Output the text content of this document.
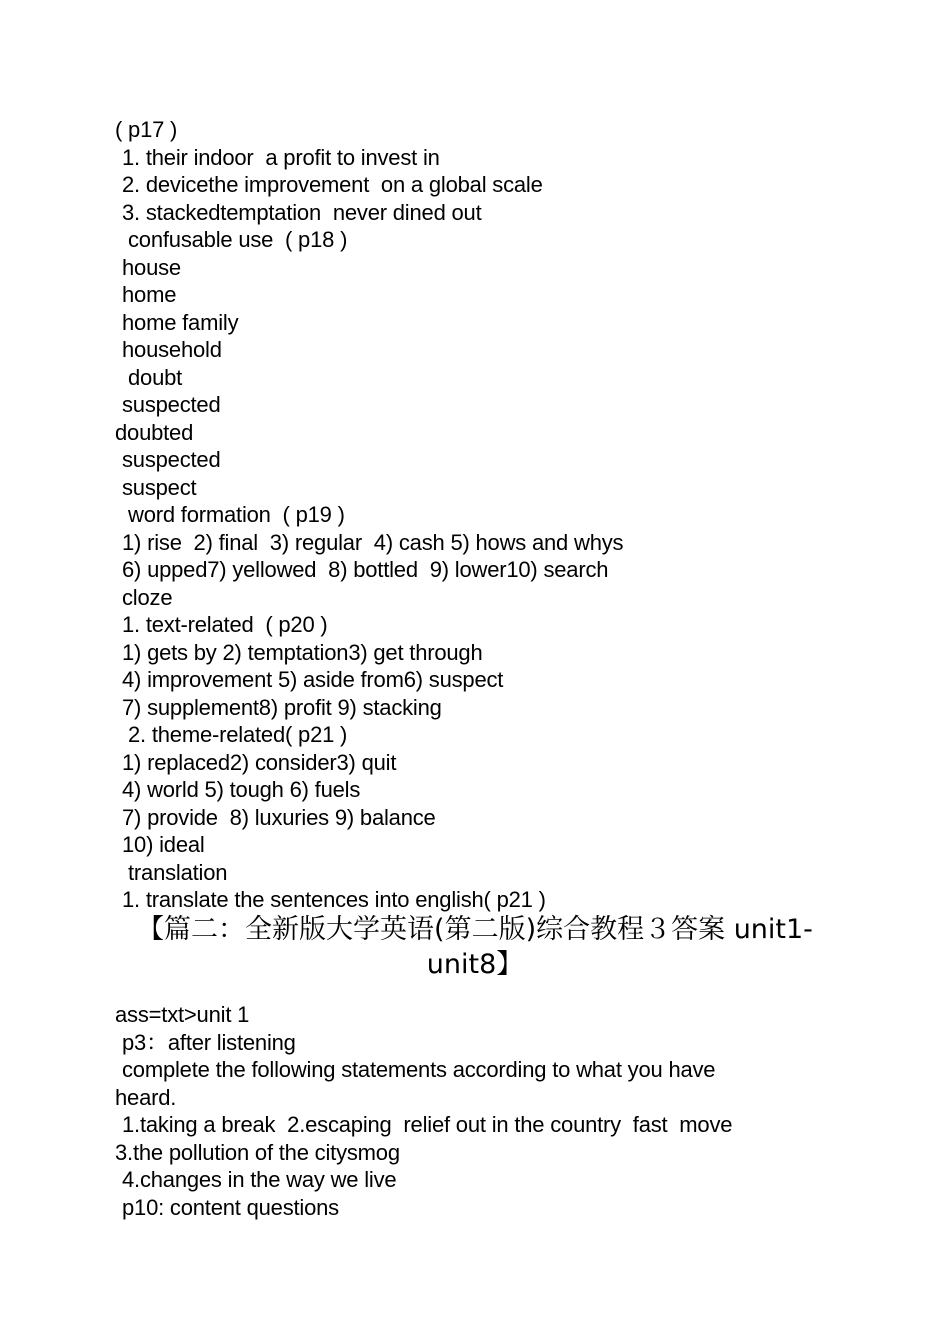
( p17 )
1. their indoor  a profit to invest in
2. devicethe improvement  on a global scale
3. stackedtemptation  never dined out
confusable use  ( p18 )
house
home
home family
household
doubt
suspected
doubted
suspected
suspect
word formation  ( p19 )
1) rise  2) final  3) regular  4) cash 5) hows and whys
6) upped7) yellowed  8) bottled  9) lower10) search
cloze
1. text-related  ( p20 )
1) gets by 2) temptation3) get through
4) improvement 5) aside from6) suspect
7) supplement8) profit 9) stacking
2. theme-related( p21 )
1) replaced2) consider3) quit
4) world 5) tough 6) fuels
7) provide  8) luxuries 9) balance
10) ideal
translation
1. translate the sentences into english( p21 )
【篇二：全新版大学英语(第二版)综合教程３答案 unit1-
unit8】
ass=txt>unit 1
p3：after listening
complete the following statements according to what you have
heard.
1.taking a break  2.escaping  relief out in the country  fast  move
3.the pollution of the citysmog
4.changes in the way we live
p10: content questions
